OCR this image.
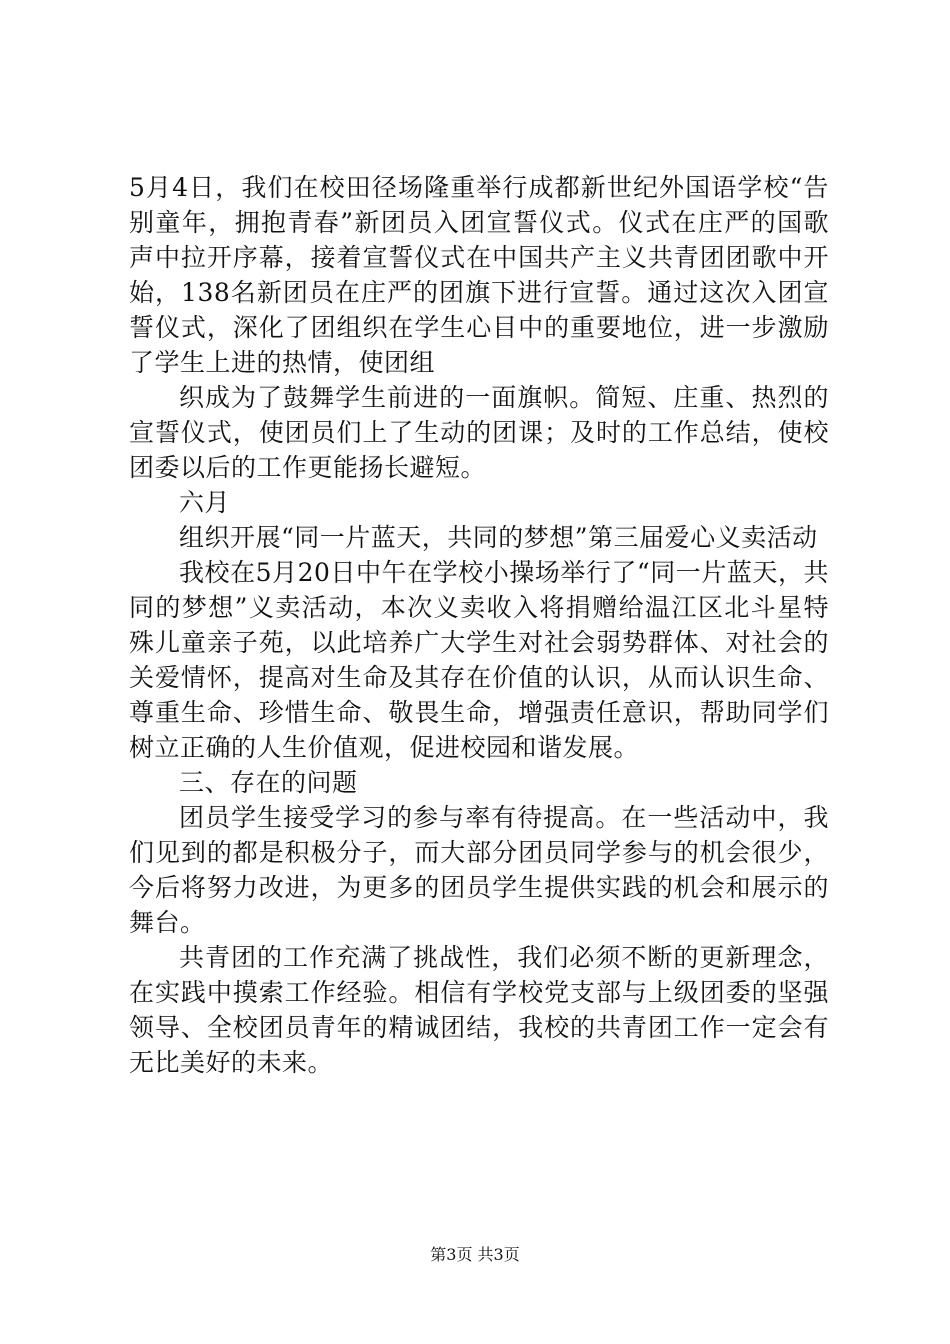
5月4日，我们在校田径场隆重举行成都新世纪外国语学校“告别童年，拥抱青春”新团员入团宣誓仪式。仪式在庄严的国歌声中拉开序幕，接着宣誓仪式在中国共产主义共青团团歌中开始，138名新团员在庄严的团旗下进行宣誓。通过这次入团宣誓仪式，深化了团组织在学生心目中的重要地位，进一步激励了学生上进的热情，使团组

织成为了鼓舞学生前进的一面旗帜。简短、庄重、热烈的宣誓仪式，使团员们上了生动的团课；及时的工作总结，使校团委以后的工作更能扬长避短。

六月

组织开展“同一片蓝天，共同的梦想”第三届爱心义卖活动

我校在5月20日中午在学校小操场举行了“同一片蓝天，共同的梦想”义卖活动，本次义卖收入将捐赠给温江区北斗星特殊儿童亲子苑，以此培养广大学生对社会弱势群体、对社会的关爱情怀，提高对生命及其存在价值的认识，从而认识生命、尊重生命、珍惜生命、敬畏生命，增强责任意识，帮助同学们树立正确的人生价值观，促进校园和谐发展。

三、存在的问题

团员学生接受学习的参与率有待提高。在一些活动中，我们见到的都是积极分子，而大部分团员同学参与的机会很少，今后将努力改进，为更多的团员学生提供实践的机会和展示的舞台。

共青团的工作充满了挑战性，我们必须不断的更新理念，在实践中摸索工作经验。相信有学校党支部与上级团委的坚强领导、全校团员青年的精诚团结，我校的共青团工作一定会有无比美好的未来。

第3页 共3页
